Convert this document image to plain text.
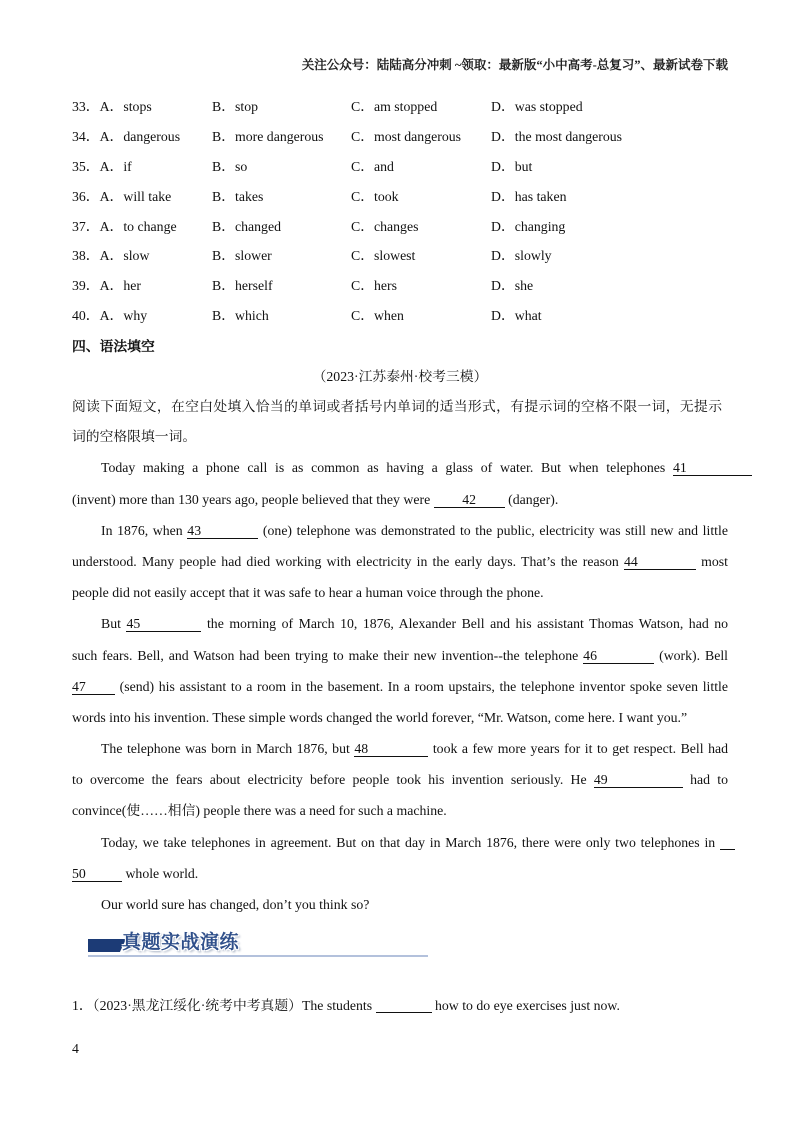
关注公众号：陆陆高分冲刺 ~领取：最新版“小中高考-总复习”、最新试卷下载
33．A．stops	B．stop	C．am stopped	D．was stopped
34．A．dangerous B．more dangerous C．most dangerous D．the most dangerous
35．A．if	B．so	C．and	D．but
36．A．will take	B．takes	C．took	D．has taken
37．A．to change	B．changed	C．changes	D．changing
38．A．slow	B．slower	C．slowest	D．slowly
39．A．her	B．herself	C．hers	D．she
40．A．why	B．which	C．when	D．what
四、语法填空
（2023·江苏泰州·校考三模）
阅读下面短文，在空白处填入恰当的单词或者括号内单词的适当形式，有提示词的空格不限一词，无提示
词的空格限填一词。
Today making a phone call is as common as having a glass of water. But when telephones 41
(invent) more than 130 years ago, people believed that they were 42 (danger).
In 1876, when 43	(one) telephone was demonstrated to the public, electricity was still new and little
understood. Many people had died working with electricity in the early days. That’s the reason 44	most
people did not easily accept that it was safe to hear a human voice through the phone.
But 45	the morning of March 10, 1876, Alexander Bell and his assistant Thomas Watson, had no
such fears. Bell, and Watson had been trying to make their new invention--the telephone 46	(work). Bell
47 (send) his assistant to a room in the basement. In a room upstairs, the telephone inventor spoke seven little
words into his invention. These simple words changed the world forever, “Mr. Watson, come here. I want you.”
The telephone was born in March 1876, but 48	took a few more years for it to get respect. Bell had
to overcome the fears about electricity before people took his invention seriously. He 49	had to
convince(使……相信) people there was a need for such a machine.
Today, we take telephones in agreement. But on that day in March 1876, there were only two telephones in
50	whole world.
Our world sure has changed, don’t you think so?
真题实战演练
1．（2023·黑龙江绥化·统考中考真题）The students	how to do eye exercises just now.
4
